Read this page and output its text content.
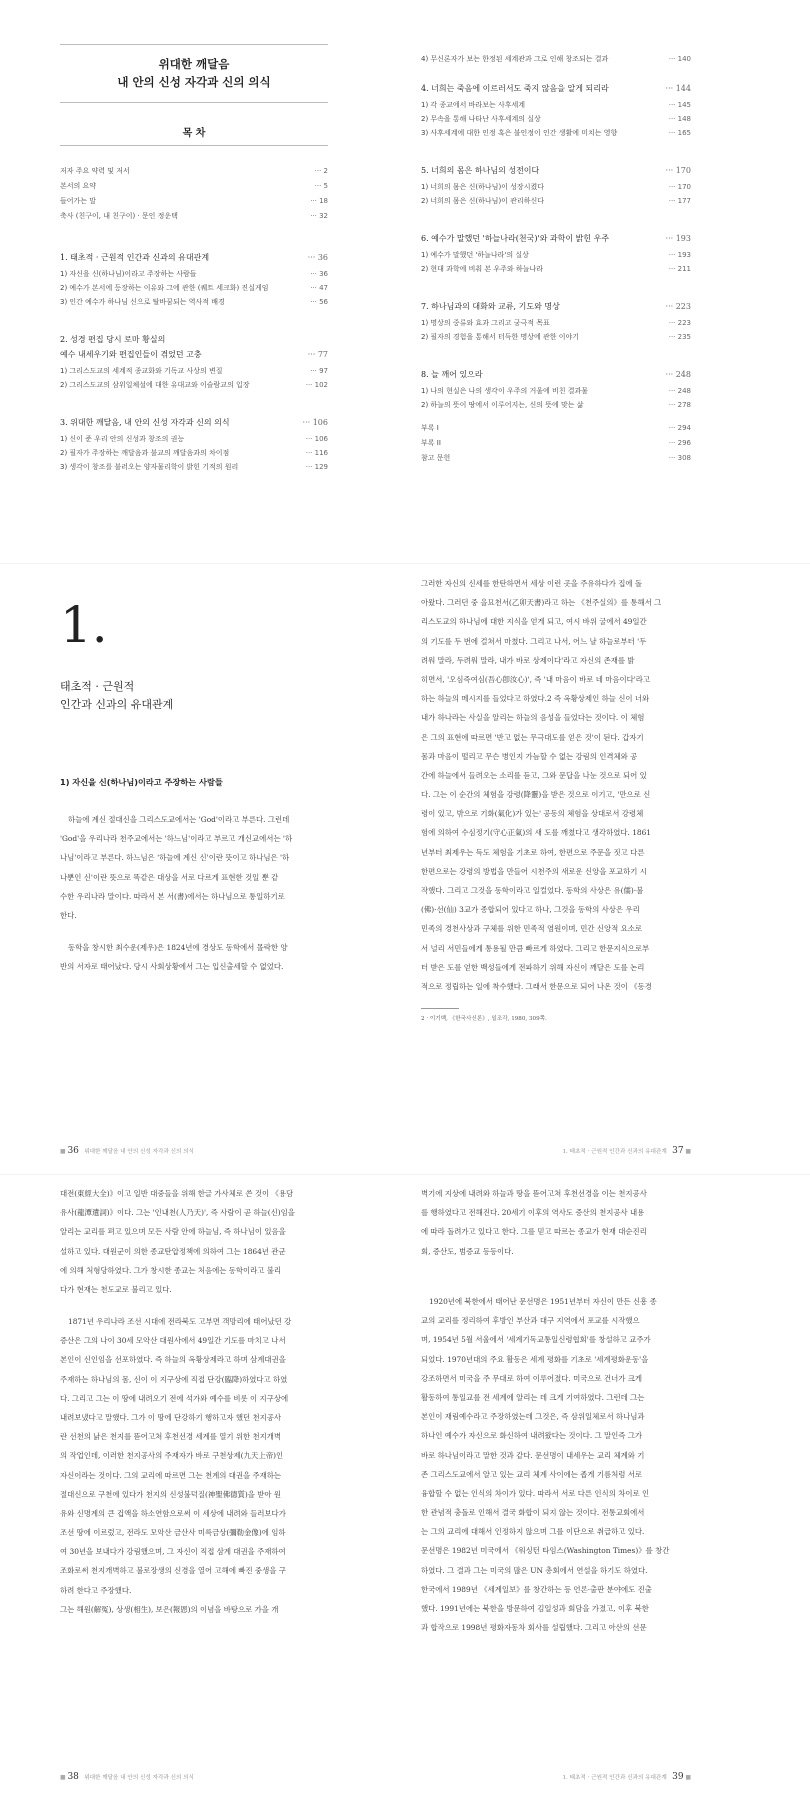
위대한 깨달음
내 안의 신성 자각과 신의 의식
목 차
저자 주요 약력 및 저서	··· 2
본서의 요약	··· 5
들어가는 말	··· 18
축사 (친구이, 내 친구이) · 문인 정운택	··· 32
1. 태초적 · 근원적 인간과 신과의 유대관계	··· 36
1) 자신을 신(하나님)이라고 주장하는 사람들	··· 36
2) 예수가 본서에 등장하는 이유와 그에 관한 (퀘트 세크화) 진실게임	··· 47
3) 인간 예수가 하나님 신으로 탈바꿈되는 역사적 배경	··· 56
2. 성경 편집 당시 로마 황실의
예수 내세우기와 편집인들이 겪었던 고충	··· 77
1) 그리스도교의 세계적 종교화와 기독교 사상의 변질	··· 97
2) 그리스도교의 삼위일체설에 대한 유대교와 이슬람교의 입장	··· 102
3. 위대한 깨달음, 내 안의 신성 자각과 신의 의식	··· 106
1) 신이 준 우리 안의 신성과 창조의 권능	··· 106
2) 필자가 주장하는 깨달음과 불교의 깨달음과의 차이점	··· 116
3) 생각이 창조를 불러오는 양자물리학이 밝힌 기적의 원리	··· 129
4) 무신론자가 보는 한정된 세계관과 그로 인해 창조되는 결과	··· 140
4. 너희는 죽음에 이르러서도 죽지 않음을 알게 되리라	··· 144
1) 각 종교에서 바라보는 사후세계	··· 145
2) 무속을 통해 나타난 사후세계의 실상	··· 148
3) 사후세계에 대한 인정 혹은 불인정이 인간 생활에 미치는 영향	··· 165
5. 너희의 몸은 하나님의 성전이다	··· 170
1) 너희의 몸은 신(하나님)이 성장시켰다	··· 170
2) 너희의 몸은 신(하나님)이 관리하신다	··· 177
6. 예수가 말했던 '하늘나라(천국)'와 과학이 밝힌 우주	··· 193
1) 예수가 말했던 '하늘나라'의 실상	··· 193
2) 현대 과학에 비춰 본 우주와 하늘나라	··· 211
7. 하나님과의 대화와 교류, 기도와 명상	··· 223
1) 명상의 중류와 효과 그리고 궁극적 목표	··· 223
2) 필자의 경험을 통해서 터득한 명상에 관한 이야기	··· 235
8. 늘 깨어 있으라	··· 248
1) 나의 현실은 나의 생각이 우주의 거울에 비친 결과물	··· 248
2) 하늘의 뜻이 땅에서 이루어지는, 신의 뜻에 맞는 삶	··· 278
부록 I	··· 294
부록 II	··· 296
참고 문헌	··· 308
1.
태초적 · 근원적
인간과 신과의 유대관계
1) 자신을 신(하나님)이라고 주장하는 사람들
하늘에 계신 절대신을 그리스도교에서는 'God'이라고 부른다. 그런데
'God'을 우리나라 천주교에서는 '하느님'이라고 부르고 개신교에서는 '하
나님'이라고 부른다. 하느님은 '하늘에 계신 신'이란 뜻이고 하나님은 '하
나뿐인 신'이란 뜻으로 똑같은 대상을 서로 다르게 표현한 것일 뿐 같
수한 우리나라 말이다. 따라서 본 서(書)에서는 하나님으로 통일하기로
한다.
동학을 창시한 최수운(제우)은 1824년에 경상도 동학에서 몰락한 양
반의 서자로 태어났다. 당시 사회상황에서 그는 입신출세할 수 없었다.
■ 36 위대한 깨달음 내 안의 신성 자각과 신의 의식
그러한 자신의 신세를 한탄하면서 세상 이런 곳을 주유하다가 집에 돌
아왔다. 그러던 중 을묘천서(乙卯天書)라고 하는 《천주실의》를 통해서 그
리스도교의 하나님에 대한 지식을 얻게 되고, 여시 바위 굴에서 49일간
의 기도를 두 번에 걸쳐서 마쳤다. 그리고 나서, 어느 날 하늘로부터 '두
려워 말라, 두려워 말라, 내가 바로 상제이다'라고 자신의 존재를 밝
히면서, '오심즉여심(吾心卽汝心)', 즉 '내 마음이 바로 네 마음이다'라고
하는 하늘의 메시지를 들었다고 하였다.2 즉 옥황상제인 하늘 신이 너와
내가 하나라는 사실을 알리는 하늘의 음성을 들었다는 것이다. 이 체험
은 그의 표현에 따르면 '반고 없는 무극대도를 얻은 것'이 된다. 갑자기
몸과 마음이 떨리고 무슨 병인지 가늠할 수 없는 강림의 인격체와 공
간에 하늘에서 들려오는 소리를 듣고, 그와 문답을 나눈 것으로 되어 있
다. 그는 이 순간의 체험을 강령(降靈)을 받은 것으로 이기고, '만으로 신
령이 있고, 밖으로 기화(氣化)가 있는' 공동의 체험을 상대로서 강령체
험에 의하여 수심정기(守心正氣)의 새 도를 깨쳤다고 생각하였다. 1861
년부터 최제우는 득도 체험을 기초로 하여, 한편으로 주문을 짓고 다른
한편으로는 강령의 방법을 만들어 시천주의 새로운 신앙을 포교하기 시
작했다. 그리고 그것을 동학이라고 일컬었다. 동학의 사상은 유(儒)·불
(佛)·선(仙) 3교가 종합되어 있다고 하나, 그것을 동학의 사상은 우리
민족의 경천사상과 구체를 위한 민족적 염원이며, 민간 신앙적 요소로
서 널리 서민들에게 통용될 만큼 빠르게 하였다. 그리고 한문지식으로부
터 받은 도를 얻한 백성들에게 전파하기 위해 자신이 깨달은 도를 논리
적으로 정립하는 일에 착수했다. 그래서 한문으로 되어 나온 것이 《동경
2 · 이기백, 《한국사신론》, 일조각, 1980, 309쪽.
1. 태초적 · 근원적 인간과 신과의 유대관계 37 ■
대전(東經大全)》이고 일반 대중들을 위해 한글 가사체로 쓴 것이 《용담
유사(龍潭遺詞)》이다. 그는 '인내천(人乃天)', 즉 사람이 곧 하늘(신)임을
알리는 교리를 펴고 있으며 모든 사람 안에 하늘님, 즉 하나님이 있음을
설하고 있다. 대원군이 의한 종교탄압정책에 의하여 그는 1864년 관군
에 의해 처형당하였다. 그가 창시한 종교는 처음에는 동학이라고 불리
다가 현재는 천도교로 불리고 있다.
1871년 우리나라 조선 시대에 전라북도 고부면 객망리에 태어났던 강
증산은 그의 나이 30세 모악산 대원사에서 49일간 기도를 마치고 나서
본인이 신인임을 선포하였다. 즉 하늘의 옥황상제라고 하며 삼계대권을
주재하는 하나님의 몸, 신이 이 지구상에 직접 단강(臨降)하였다고 하였
다. 그리고 그는 이 땅에 내려오기 전에 석가와 예수를 비롯 이 지구상에
내려보냈다고 말했다. 그가 이 땅에 단강하기 행하고자 했던 천지공사
란 선천의 낡은 천지를 뜯어고쳐 후천선경 세계를 열기 위한 천지개벽
의 작업인데, 이러한 천지공사의 주재자가 바로 구천상제(九天上帝)인
자신이라는 것이다. 그의 교리에 따르면 그는 천계의 대권을 주재하는
절대신으로 구천에 있다가 천지의 신성불덕질(神聖佛德質)을 받아 원
유와 신명계의 큰 겁액을 하소연함으로써 이 세상에 내려와 들러보다가
조선 땅에 이르렀고, 전라도 모악산 금산사 미륵금상(彌勒金像)에 임하
여 30년을 보내다가 강림했으며, 그 자신이 직접 삼계 대권을 주재하여
조화로써 천지개벽하고 불로장생의 신경을 열어 고해에 빠진 중생을 구
하려 한다고 주장했다.
그는 해원(解冤), 상생(相生), 보은(報恩)의 이념을 바탕으로 가을 개
■ 38 위대한 깨달음 내 안의 신성 자각과 신의 의식
벽기에 지상에 내려와 하늘과 땅을 뜯어고쳐 후천선경을 이는 천지공사
를 행하였다고 전해진다. 20세기 이후의 역사도 증산의 천지공사 내용
에 따라 돌려가고 있다고 한다. 그를 믿고 따르는 종교가 현재 대순진리
회, 증산도, 범증교 등등이다.
1920년에 북한에서 태어난 문선명은 1951년부터 자신이 만든 신흥 종
교의 교리를 정리하여 후방인 부산과 대구 지역에서 포교를 시작했으
며, 1954년 5월 서울에서 '세계기독교통일신령협회'를 창설하고 교주가
되었다. 1970년대의 주요 활동은 세계 평화를 기초로 '세계평화운동'을
강조하면서 미국을 주 무대로 하여 이루어졌다. 미국으로 건너가 크게
활동하여 통일교를 전 세계에 알리는 데 크게 기여하였다. 그런데 그는
본인이 재림예수라고 주장하였는데 그것은, 즉 삼위일체로서 하나님과
하나인 예수가 자신으로 화신하여 내려왔다는 것이다. 그 말인즉 그가
바로 하나님이라고 말한 것과 같다. 문선명이 내세우는 교리 체계와 기
존 그리스도교에서 알고 있는 교리 체계 사이에는 좁게 기름처럼 서로
융합할 수 없는 인식의 차이가 있다. 따라서 서로 다른 인식의 차이로 인
한 관념적 충돌로 인해서 결국 화합이 되지 않는 것이다. 전통교회에서
는 그의 교리에 대해서 인정하지 않으며 그를 이단으로 취급하고 있다.
문선명은 1982년 미국에서 《워싱턴 타임스(Washington Times)》를 창간
하였다. 그 결과 그는 미국의 많은 UN 총회에서 연설을 하기도 하였다.
한국에서 1989년 《세계일보》를 창간하는 등 언론·출판 분야에도 진출
했다. 1991년에는 북한을 방문하여 김일성과 회담을 가졌고, 이후 북한
과 합작으로 1998년 평화자동차 회사를 설립했다. 그리고 아산의 선문
1. 태초적 · 근원적 인간과 신과의 유대관계 39 ■
